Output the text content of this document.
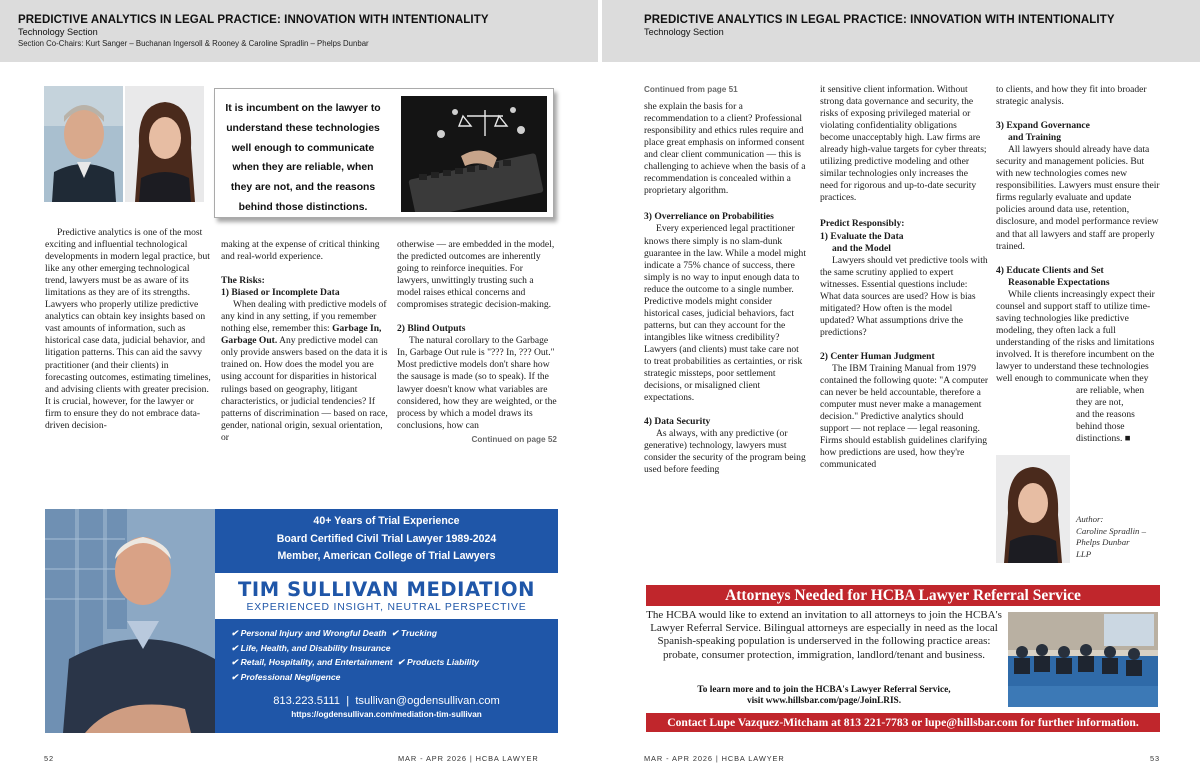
PREDICTIVE ANALYTICS IN LEGAL PRACTICE: INNOVATION WITH INTENTIONALITY
Technology Section
Section Co-Chairs: Kurt Sanger – Buchanan Ingersoll & Rooney & Caroline Spradlin – Phelps Dunbar
It is incumbent on the lawyer to understand these technologies well enough to communicate when they are reliable, when they are not, and the reasons behind those distinctions.

Predictive analytics is one of the most exciting and influential technological developments in modern legal practice, but like any other emerging technological trend, lawyers must be as aware of its limitations as they are of its strengths. Lawyers who properly utilize predictive analytics can obtain key insights based on vast amounts of information, such as historical case data, judicial behavior, and litigation patterns. This can aid the savvy practitioner (and their clients) in forecasting outcomes, estimating timelines, and advising clients with greater precision. It is crucial, however, for the lawyer or firm to ensure they do not embrace data-driven decision-

making at the expense of critical thinking and real-world experience.

The Risks:
1) Biased or Incomplete Data

When dealing with predictive models of any kind in any setting, if you remember nothing else, remember this: Garbage In, Garbage Out. Any predictive model can only provide answers based on the data it is trained on. How does the model you are using account for disparities in historical rulings based on geography, litigant characteristics, or judicial tendencies? If patterns of discrimination — based on race, gender, national origin, sexual orientation, or

otherwise — are embedded in the model, the predicted outcomes are inherently going to reinforce inequities. For lawyers, unwittingly trusting such a model raises ethical concerns and compromises strategic decision-making.

2) Blind Outputs

The natural corollary to the Garbage In, Garbage Out rule is "??? In, ??? Out." Most predictive models don't share how the sausage is made (so to speak). If the lawyer doesn't know what variables are considered, how they are weighted, or the process by which a model draws its conclusions, how can

Continued on page 52

40+ Years of Trial Experience
Board Certified Civil Trial Lawyer 1989-2024
Member, American College of Trial Lawyers
TIM SULLIVAN MEDIATION
EXPERIENCED INSIGHT, NEUTRAL PERSPECTIVE
✔ Personal Injury and Wrongful Death ✔ Trucking
✔ Life, Health, and Disability Insurance
✔ Retail, Hospitality, and Entertainment ✔ Products Liability
✔ Professional Negligence
813.223.5111  |  tsullivan@ogdensullivan.com
https://ogdensullivan.com/mediation-tim-sullivan
52	MAR - APR 2026 | HCBA LAWYER
PREDICTIVE ANALYTICS IN LEGAL PRACTICE: INNOVATION WITH INTENTIONALITY
Technology Section

Continued from page 51

she explain the basis for a recommendation to a client? Professional responsibility and ethics rules require and place great emphasis on informed consent and clear client communication — this is challenging to achieve when the basis of a recommendation is concealed within a proprietary algorithm.

3) Overreliance on Probabilities

Every experienced legal practitioner knows there simply is no slam-dunk guarantee in the law. While a model might indicate a 75% chance of success, there simply is no way to input enough data to reduce the outcome to a single number. Predictive models might consider historical cases, judicial behaviors, fact patterns, but can they account for the intangibles like witness credibility? Lawyers (and clients) must take care not to treat probabilities as certainties, or risk strategic missteps, poor settlement decisions, or misaligned client expectations.

4) Data Security

As always, with any predictive (or generative) technology, lawyers must consider the security of the program being used before feeding

it sensitive client information. Without strong data governance and security, the risks of exposing privileged material or violating confidentiality obligations become unacceptably high. Law firms are already high-value targets for cyber threats; utilizing predictive modeling and other similar technologies only increases the need for rigorous and up-to-date security practices.

Predict Responsibly:
1) Evaluate the Data
and the Model

Lawyers should vet predictive tools with the same scrutiny applied to expert witnesses. Essential questions include: What data sources are used? How is bias mitigated? How often is the model updated? What assumptions drive the predictions?

2) Center Human Judgment

The IBM Training Manual from 1979 contained the following quote: "A computer can never be held accountable, therefore a computer must never make a management decision." Predictive analytics should support — not replace — legal reasoning. Firms should establish guidelines clarifying how predictions are used, how they're communicated

to clients, and how they fit into broader strategic analysis.

3) Expand Governance
and Training

All lawyers should already have data security and management policies. But with new technologies comes new responsibilities. Lawyers must ensure their firms regularly evaluate and update policies around data use, retention, disclosure, and model performance review and that all lawyers and staff are properly trained.

4) Educate Clients and Set
Reasonable Expectations

While clients increasingly expect their counsel and support staff to utilize time-saving technologies like predictive modeling, they often lack a full understanding of the risks and limitations involved. It is therefore incumbent on the lawyer to understand these technologies well enough to communicate when they

are reliable, when
they are not,
and the reasons
behind those
distinctions. ■
Author:
Caroline Spradlin –
Phelps Dunbar
LLP
Attorneys Needed for HCBA Lawyer Referral Service
The HCBA would like to extend an invitation to all attorneys to join the HCBA's Lawyer Referral Service. Bilingual attorneys are especially in need as the local Spanish-speaking population is underserved in the following practice areas: probate, consumer protection, immigration, landlord/tenant and business.
To learn more and to join the HCBA's Lawyer Referral Service,
visit www.hillsbar.com/page/JoinLRIS.
Contact Lupe Vazquez-Mitcham at 813 221-7783 or lupe@hillsbar.com for further information.
MAR - APR 2026 | HCBA LAWYER	53
